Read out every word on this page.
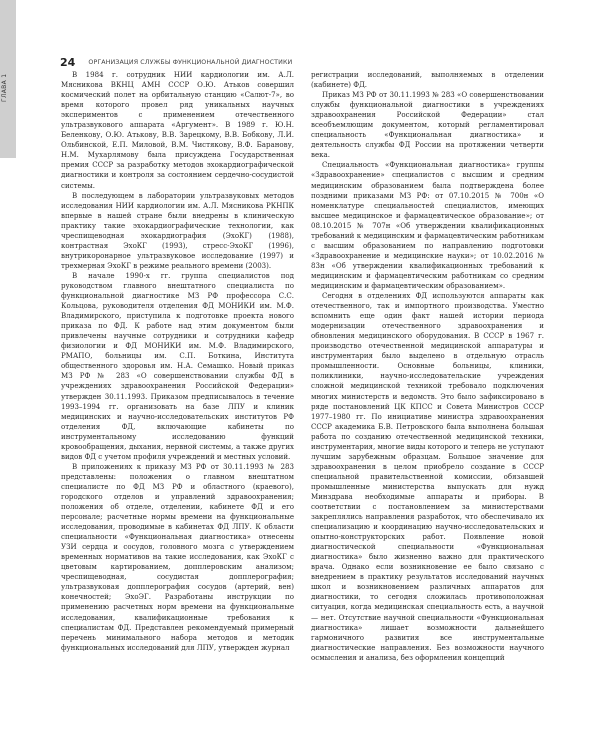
ГЛАВА 1
24 ОРГАНИЗАЦИЯ СЛУЖБЫ ФУНКЦИОНАЛЬНОЙ ДИАГНОСТИКИ

В 1984 г. сотрудник НИИ кардиологии им. А.Л. Мясникова ВКНЦ АМН СССР О.Ю. Атьков совершил космический полет на орбитальную станцию «Салют-7», во время которого провел ряд уникальных научных экспериментов с применением отечественного ультразвукового аппарата «Аргумент». В 1989 г. Ю.Н. Беленкову, О.Ю. Атькову, В.В. Зарецкому, В.В. Бобкову, Л.И. Ольбинской, Е.П. Миловой, В.М. Чистякову, В.Ф. Баранову, Н.М. Мухарлямову была присуждена Государственная премия СССР за разработку методов эхокардиографической диагностики и контроля за состоянием сердечно-сосудистой системы.

В последующем в лаборатории ультразвуковых методов исследования НИИ кардиологии им. А.Л. Мясникова РКНПК впервые в нашей стране были внедрены в клиническую практику такие эхокардиографические технологии, как чреспищеводная эхокардиография (ЭхоКГ) (1988), контрастная ЭхоКГ (1993), стресс-ЭхоКГ (1996), внутрикоронарное ультразвуковое исследование (1997) и трехмерная ЭхоКГ в режиме реального времени (2003).

В начале 1990-х гг. группа специалистов под руководством главного внештатного специалиста по функциональной диагностике МЗ РФ профессора С.С. Кольцова, руководителя отделения ФД МОНИКИ им. М.Ф. Владимирского, приступила к подготовке проекта нового приказа по ФД. К работе над этим документом были привлечены научные сотрудники и сотрудники кафедр физиологии и ФД МОНИКИ им. М.Ф. Владимирского, РМАПО, больницы им. С.П. Боткина, Института общественного здоровья им. Н.А. Семашко. Новый приказ МЗ РФ № 283 «О совершенствовании службы ФД в учреждениях здравоохранения Российской Федерации» утвержден 30.11.1993. Приказом предписывалось в течение 1993–1994 гг. организовать на базе ЛПУ и клиник медицинских и научно-исследовательских институтов РФ отделения ФД, включающие кабинеты по инструментальному исследованию функций кровообращения, дыхания, нервной системы, а также других видов ФД с учетом профиля учреждений и местных условий.

В приложениях к приказу МЗ РФ от 30.11.1993 № 283 представлены: положения о главном внештатном специалисте по ФД МЗ РФ и областного (краевого), городского отделов и управлений здравоохранения; положения об отделе, отделении, кабинете ФД и его персонале; расчетные нормы времени на функциональные исследования, проводимые в кабинетах ФД ЛПУ. К области специальности «Функциональная диагностика» отнесены УЗИ сердца и сосудов, головного мозга с утверждением временных нормативов на такие исследования, как ЭхоКГ с цветовым картированием, допплеровским анализом; чреспищеводная, сосудистая допплерография; ультразвуковая допплерография сосудов (артерий, вен) конечностей; ЭхоЭГ. Разработаны инструкции по применению расчетных норм времени на функциональные исследования, квалификационные требования к специалистам ФД. Представлен рекомендуемый примерный перечень минимального набора методов и методик функциональных исследований для ЛПУ, утвержден журнал

регистрации исследований, выполняемых в отделении (кабинете) ФД.

Приказ МЗ РФ от 30.11.1993 № 283 «О совершенствовании службы функциональной диагностики в учреждениях здравоохранения Российской Федерации» стал всеобъемлющим документом, который регламентировал специальность «Функциональная диагностика» и деятельность службы ФД России на протяжении четверти века.

Специальность «Функциональная диагностика» группы «Здравоохранение» специалистов с высшим и средним медицинским образованием была подтверждена более поздними приказами МЗ РФ: от 07.10.2015 № 700н «О номенклатуре специальностей специалистов, имеющих высшее медицинское и фармацевтическое образование»; от 08.10.2015 № 707н «Об утверждении квалификационных требований к медицинским и фармацевтическим работникам с высшим образованием по направлению подготовки «Здравоохранение и медицинские науки»; от 10.02.2016 № 83н «Об утверждении квалификационных требований к медицинским и фармацевтическим работникам со средним медицинским и фармацевтическим образованием».

Сегодня в отделениях ФД используются аппараты как отечественного, так и импортного производства. Уместно вспомнить еще один факт нашей истории периода модернизации отечественного здравоохранения и обновления медицинского оборудования. В СССР в 1967 г. производство отечественной медицинской аппаратуры и инструментария было выделено в отдельную отрасль промышленности. Основные больницы, клиники, поликлиники, научно-исследовательские учреждения сложной медицинской техникой требовало подключения многих министерств и ведомств. Это было зафиксировано в ряде постановлений ЦК КПСС и Совета Министров СССР 1977–1980 гг. По инициативе министра здравоохранения СССР академика Б.В. Петровского была выполнена большая работа по созданию отечественной медицинской техники, инструментария, многие виды которого и теперь не уступают лучшим зарубежным образцам. Большое значение для здравоохранения в целом приобрело создание в СССР специальной правительственной комиссии, обязавшей промышленные министерства выпускать для нужд Минздрава необходимые аппараты и приборы. В соответствии с постановлением за министерствами закреплялись направления разработок, что обеспечивало их специализацию и координацию научно-исследовательских и опытно-конструкторских работ. Появление новой диагностической специальности «Функциональная диагностика» было жизненно важно для практического врача. Однако если возникновение ее было связано с внедрением в практику результатов исследований научных школ и возникновением различных аппаратов для диагностики, то сегодня сложилась противоположная ситуация, когда медицинская специальность есть, а научной — нет. Отсутствие научной специальности «Функциональная диагностика» лишает возможности дальнейшего гармоничного развития все инструментальные диагностические направления. Без возможности научного осмысления и анализа, без оформления концепций
